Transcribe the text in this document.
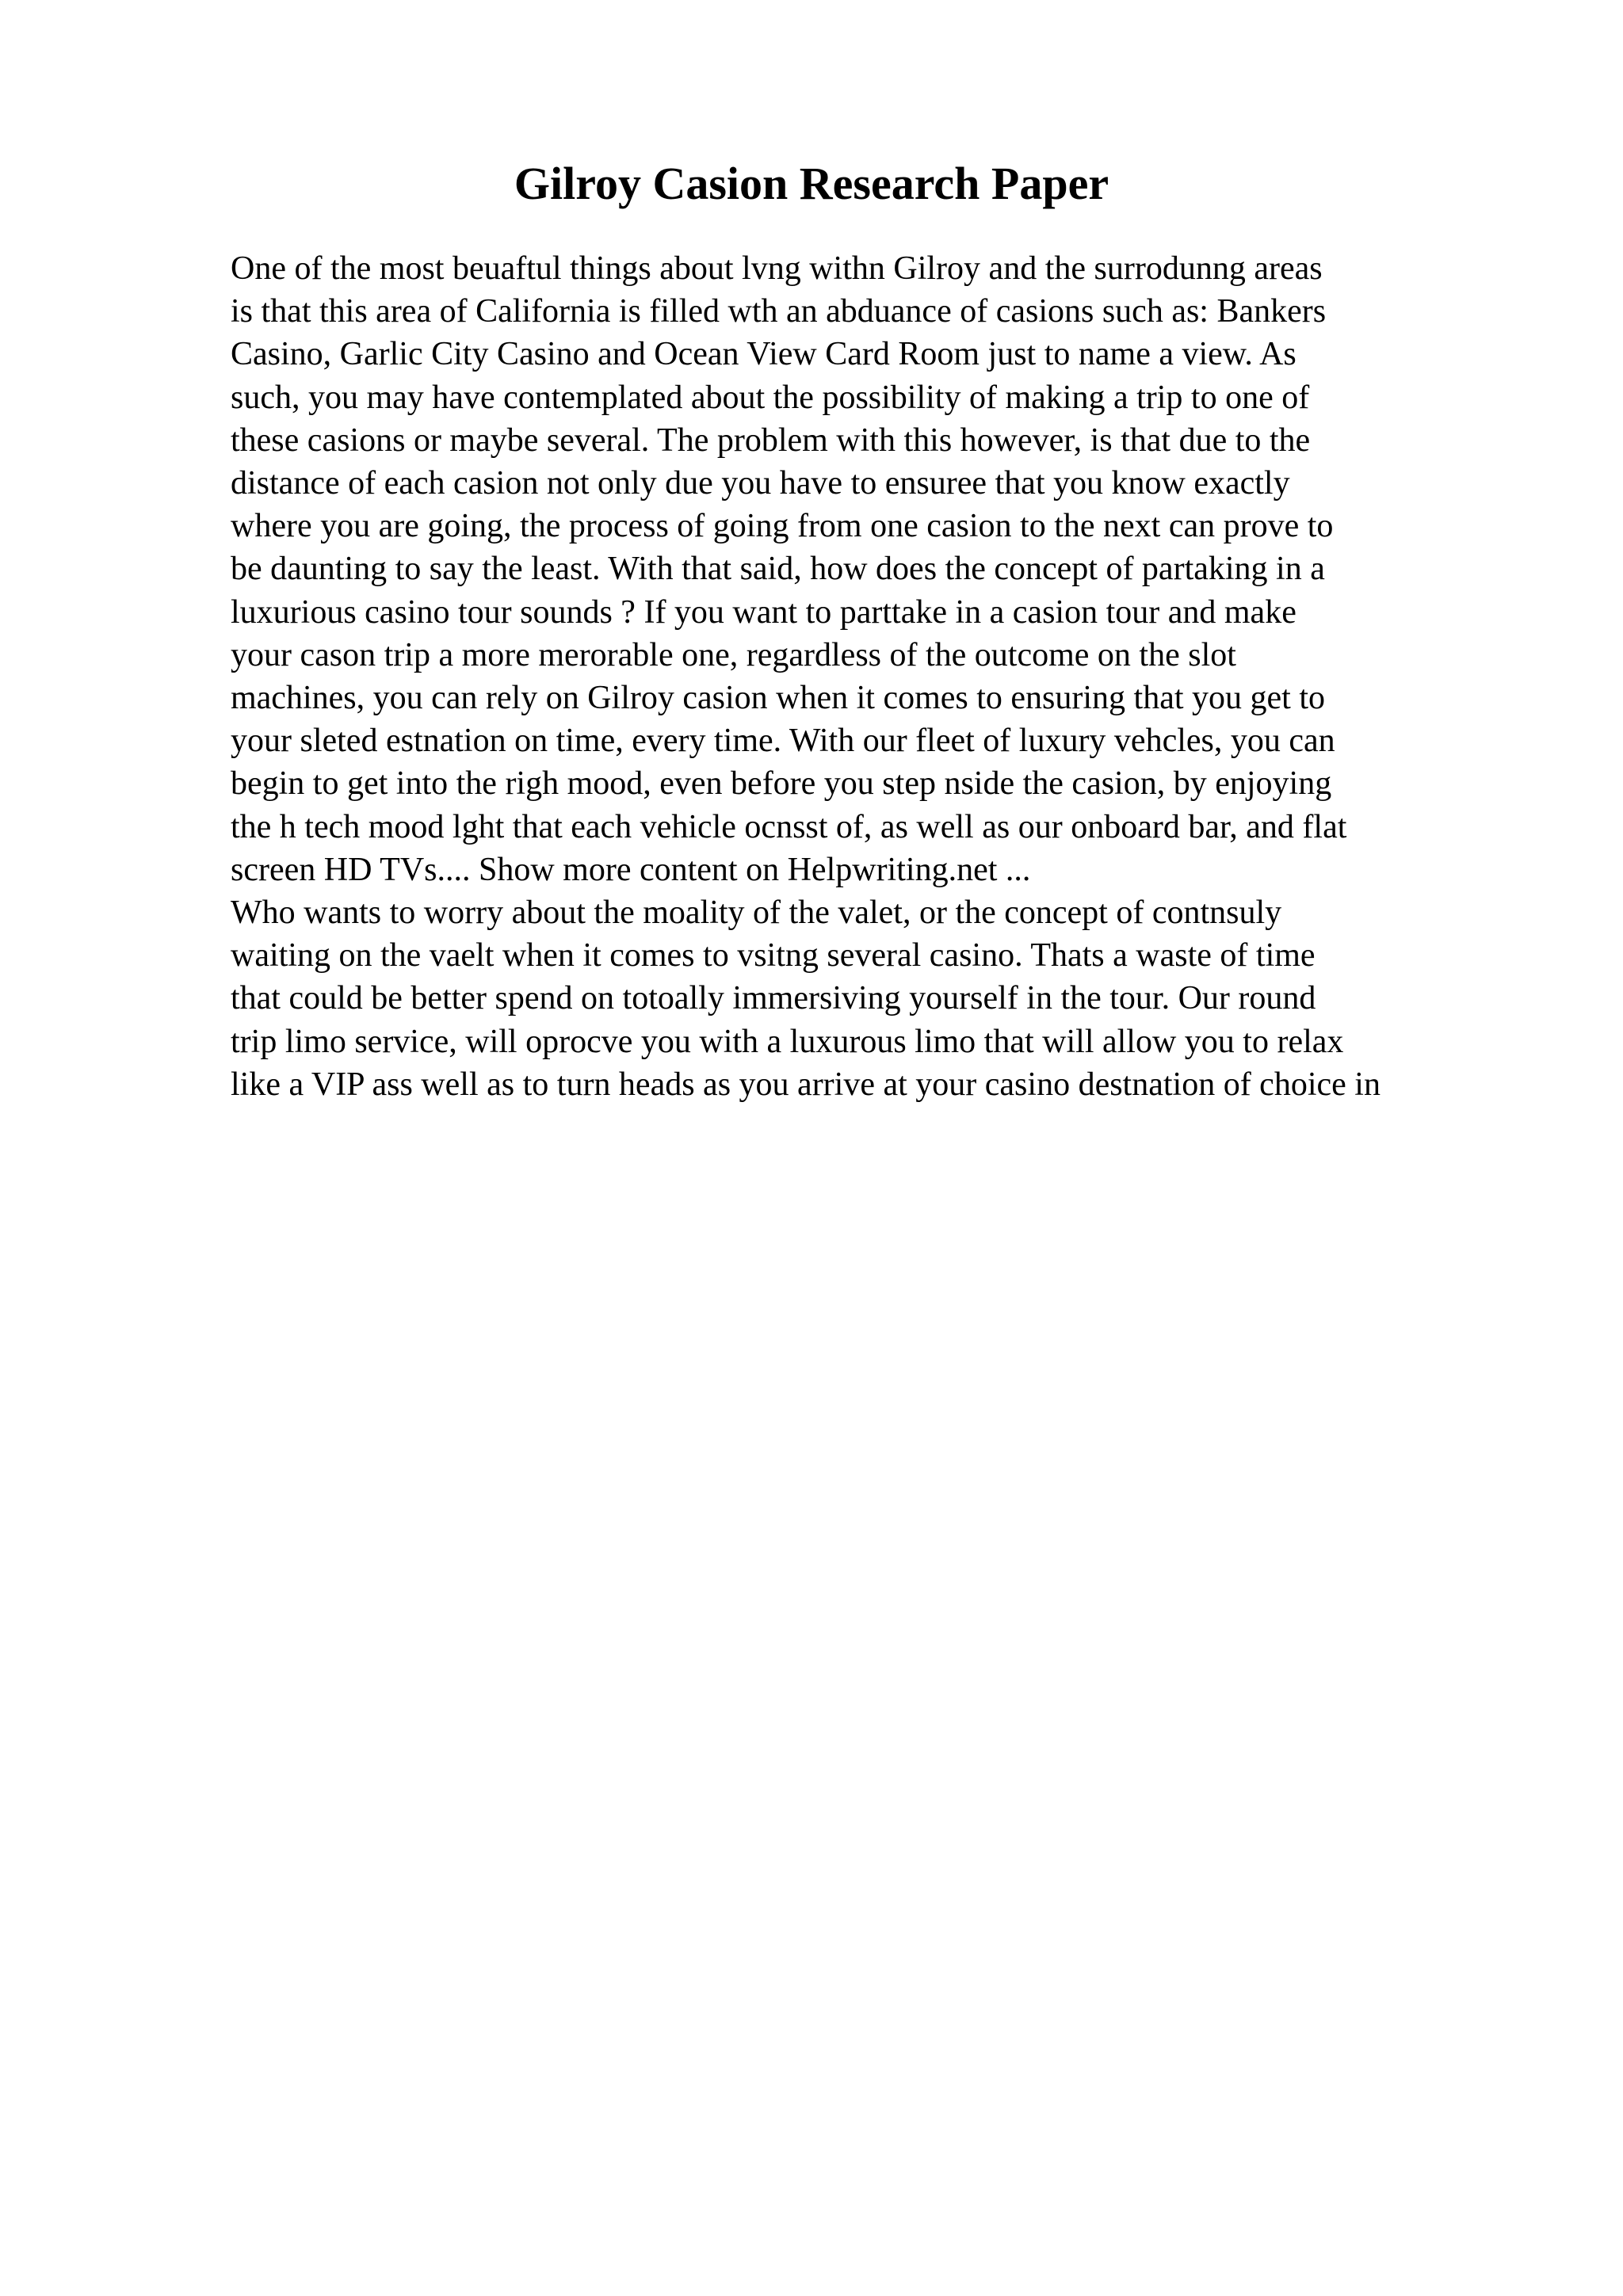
Gilroy Casion Research Paper
One of the most beuaftul things about lvng withn Gilroy and the surrodunng areas
is that this area of California is filled wth an abduance of casions such as: Bankers
Casino, Garlic City Casino and Ocean View Card Room just to name a view. As
such, you may have contemplated about the possibility of making a trip to one of
these casions or maybe several. The problem with this however, is that due to the
distance of each casion not only due you have to ensuree that you know exactly
where you are going, the process of going from one casion to the next can prove to
be daunting to say the least. With that said, how does the concept of partaking in a
luxurious casino tour sounds ? If you want to parttake in a casion tour and make
your cason trip a more merorable one, regardless of the outcome on the slot
machines, you can rely on Gilroy casion when it comes to ensuring that you get to
your sleted estnation on time, every time. With our fleet of luxury vehcles, you can
begin to get into the righ mood, even before you step nside the casion, by enjoying
the h tech mood lght that each vehicle ocnsst of, as well as our onboard bar, and flat
screen HD TVs.... Show more content on Helpwriting.net ...
Who wants to worry about the moality of the valet, or the concept of contnsuly
waiting on the vaelt when it comes to vsitng several casino. Thats a waste of time
that could be better spend on totoally immersiving yourself in the tour. Our round
trip limo service, will oprocve you with a luxurous limo that will allow you to relax
like a VIP ass well as to turn heads as you arrive at your casino destnation of choice in
